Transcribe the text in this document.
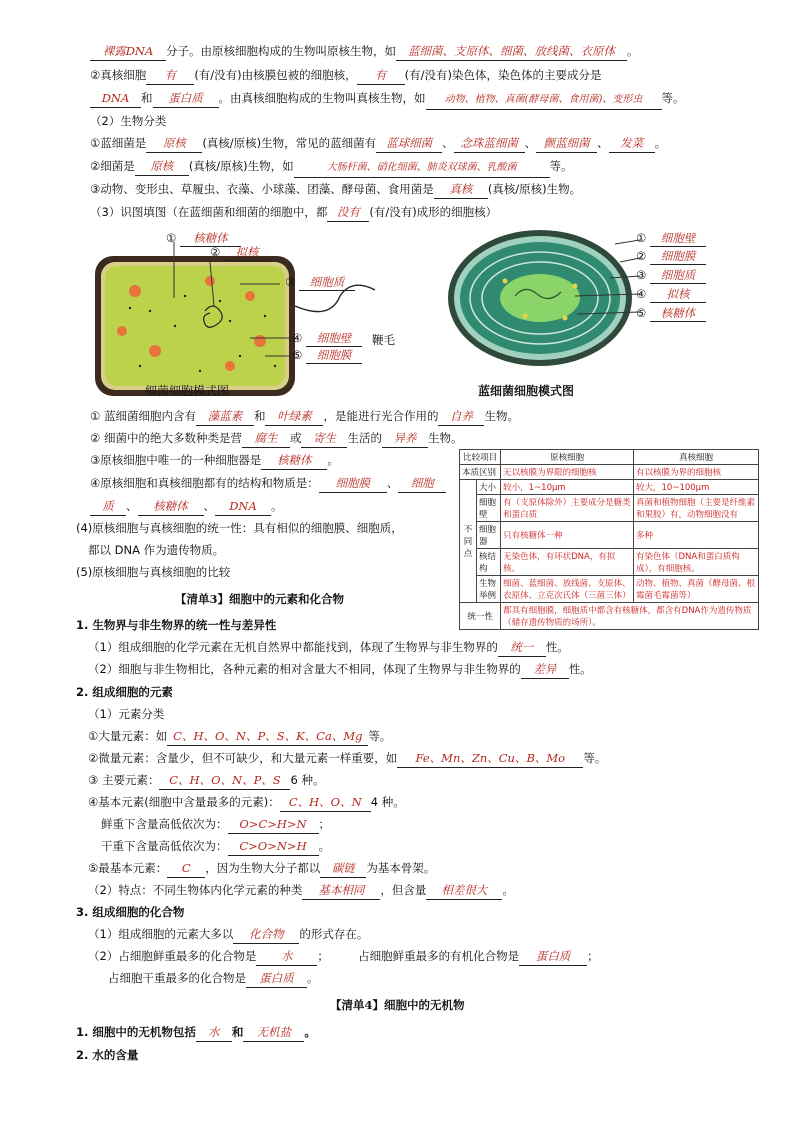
裸露DNA 分子。由原核细胞构成的生物叫原核生物，如 蓝细菌、支原体、细菌、放线菌、衣原体 。
②真核细胞 有 (有/没有)由核膜包被的细胞核， 有 (有/没有)染色体，染色体的主要成分是
DNA 和 蛋白质 。由真核细胞构成的生物叫真核生物，如 动物、植物、真菌(酵母菌、食用菌)、变形虫 等。
（2）生物分类
①蓝细菌是 原核 (真核/原核)生物，常见的蓝细菌有 蓝球细菌 、 念珠蓝细菌 、 颤蓝细菌 、 发菜 。
②细菌是 原核 (真核/原核)生物，如	大肠杆菌、硝化细菌、肺炎双球菌、乳酸菌	等。
③动物、变形虫、草履虫、衣藻、小球藻、团藻、酵母菌、食用菌是 真核 (真核/原核)生物。
（3）识图填图（在蓝细菌和细菌的细胞中，都 没有 (有/没有)成形的细胞核）
① 核糖体
② 拟核
③ 细胞质
④ 细胞壁
⑤ 细胞膜
鞭毛
细菌细胞模式图
① 细胞壁
② 细胞膜
③ 细胞质
④ 拟核
⑤ 核糖体
蓝细菌细胞模式图
① 蓝细菌细胞内含有 藻蓝素 和 叶绿素 ，是能进行光合作用的 自养 生物。
② 细菌中的绝大多数种类是营 腐生 或 寄生 生活的 异养 生物。
③原核细胞中唯一的一种细胞器是 核糖体 。
④原核细胞和真核细胞都有的结构和物质是： 细胞膜 、 细胞
质 、 核糖体 、 DNA 。
(4)原核细胞与真核细胞的统一性：具有相似的细胞膜、细胞质，
都以 DNA 作为遗传物质。
(5)原核细胞与真核细胞的比较
比较项目		原核细胞	真核细胞
本质区别		无以核膜为界限的细胞核	有以核膜为界的细胞核
不同点	大小	较小，1~10μm	较大，10~100μm
	细胞壁	有（支原体除外）主要成分是糖类和蛋白质	真菌和植物细胞（主要是纤维素和果胶）有，动物细胞没有
	细胞器	只有核糖体一种	多种
	核结构	无染色体，有环状DNA，有拟核。	有染色体（DNA和蛋白质构成），有细胞核。
	生物举例	细菌、蓝细菌、放线菌、支原体、衣原体、立克次氏体（三菌三体）	动物、植物、真菌（酵母菌、根霉菌毛霉菌等）
统一性		都具有细胞膜，细胞质中都含有核糖体，都含有DNA作为遗传物质（储存遗传物质的场所）。	
【清单3】细胞中的元素和化合物
1. 生物界与非生物界的统一性与差异性
（1）组成细胞的化学元素在无机自然界中都能找到，体现了生物界与非生物界的 统一 性。
（2）细胞与非生物相比，各种元素的相对含量大不相同，体现了生物界与非生物界的 差异 性。
2. 组成细胞的元素
（1）元素分类
①大量元素：如 C、H、O、N、P、S、K、Ca、Mg 等。
②微量元素：含量少，但不可缺少，和大量元素一样重要，如 Fe、Mn、Zn、Cu、B、Mo 等。
③ 主要元素： C、H、O、N、P、S 6 种。
④基本元素(细胞中含量最多的元素)： C、H、O、N 4 种。
鲜重下含量高低依次为： O>C>H>N ；
干重下含量高低依次为： C>O>N>H 。
⑤最基本元素： C ，因为生物大分子都以 碳链 为基本骨架。
（2）特点：不同生物体内化学元素的种类 基本相同 ，但含量 相差很大 。
3. 组成细胞的化合物
（1）组成细胞的元素大多以 化合物 的形式存在。
（2）占细胞鲜重最多的化合物是 水 ；	占细胞鲜重最多的有机化合物是 蛋白质 ；
占细胞干重最多的化合物是 蛋白质 。
【清单4】细胞中的无机物
1. 细胞中的无机物包括 水 和 无机盐 。
2. 水的含量
